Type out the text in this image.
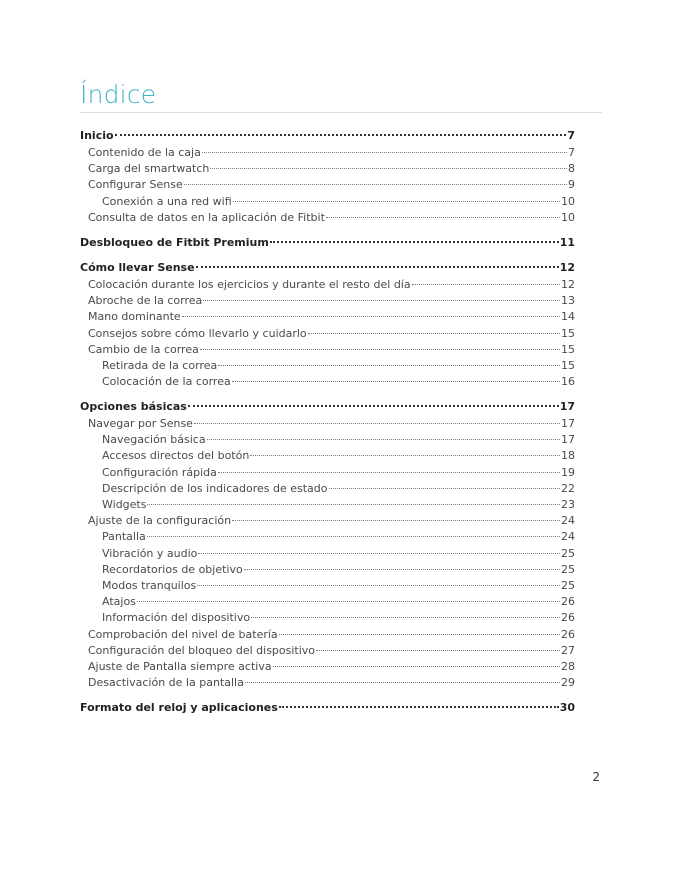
Índice
Inicio	7
Contenido de la caja	7
Carga del smartwatch	8
Configurar Sense	9
Conexión a una red wifi	10
Consulta de datos en la aplicación de Fitbit	10
Desbloqueo de Fitbit Premium	11
Cómo llevar Sense	12
Colocación durante los ejercicios y durante el resto del día	12
Abroche de la correa	13
Mano dominante	14
Consejos sobre cómo llevarlo y cuidarlo	15
Cambio de la correa	15
Retirada de la correa	15
Colocación de la correa	16
Opciones básicas	17
Navegar por Sense	17
Navegación básica	17
Accesos directos del botón	18
Configuración rápida	19
Descripción de los indicadores de estado	22
Widgets	23
Ajuste de la configuración	24
Pantalla	24
Vibración y audio	25
Recordatorios de objetivo	25
Modos tranquilos	25
Atajos	26
Información del dispositivo	26
Comprobación del nivel de batería	26
Configuración del bloqueo del dispositivo	27
Ajuste de Pantalla siempre activa	28
Desactivación de la pantalla	29
Formato del reloj y aplicaciones	30
2
